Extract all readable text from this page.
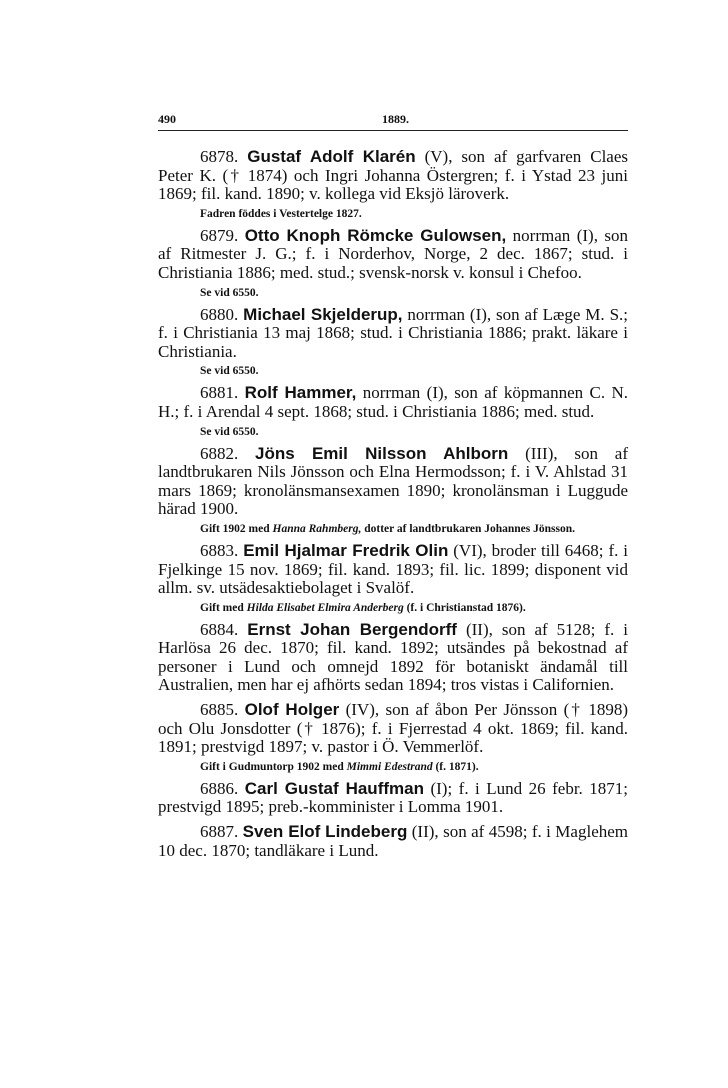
490	1889.

6878. Gustaf Adolf Klarén (V), son af garfvaren Claes Peter K. († 1874) och Ingri Johanna Östergren; f. i Ystad 23 juni 1869; fil. kand. 1890; v. kollega vid Eksjö läroverk.

Fadren föddes i Vestertelge 1827.

6879. Otto Knoph Römcke Gulowsen, norrman (I), son af Ritmester J. G.; f. i Norderhov, Norge, 2 dec. 1867; stud. i Christiania 1886; med. stud.; svensk-norsk v. konsul i Chefoo.

Se vid 6550.

6880. Michael Skjelderup, norrman (I), son af Læge M. S.; f. i Christiania 13 maj 1868; stud. i Christiania 1886; prakt. läkare i Christiania.

Se vid 6550.

6881. Rolf Hammer, norrman (I), son af köpmannen C. N. H.; f. i Arendal 4 sept. 1868; stud. i Christiania 1886; med. stud.

Se vid 6550.

6882. Jöns Emil Nilsson Ahlborn (III), son af landtbrukaren Nils Jönsson och Elna Hermodsson; f. i V. Ahlstad 31 mars 1869; kronolänsmansexamen 1890; kronolänsman i Luggude härad 1900.

Gift 1902 med Hanna Rahmberg, dotter af landtbrukaren Johannes Jönsson.

6883. Emil Hjalmar Fredrik Olin (VI), broder till 6468; f. i Fjelkinge 15 nov. 1869; fil. kand. 1893; fil. lic. 1899; disponent vid allm. sv. utsädesaktiebolaget i Svalöf.

Gift med Hilda Elisabet Elmira Anderberg (f. i Christianstad 1876).

6884. Ernst Johan Bergendorff (II), son af 5128; f. i Harlösa 26 dec. 1870; fil. kand. 1892; utsändes på bekostnad af personer i Lund och omnejd 1892 för botaniskt ändamål till Australien, men har ej afhörts sedan 1894; tros vistas i Californien.

6885. Olof Holger (IV), son af åbon Per Jönsson († 1898) och Olu Jonsdotter († 1876); f. i Fjerrestad 4 okt. 1869; fil. kand. 1891; prestvigd 1897; v. pastor i Ö. Vemmerlöf.

Gift i Gudmuntorp 1902 med Mimmi Edestrand (f. 1871).

6886. Carl Gustaf Hauffman (I); f. i Lund 26 febr. 1871; prestvigd 1895; preb.-komminister i Lomma 1901.

6887. Sven Elof Lindeberg (II), son af 4598; f. i Maglehem 10 dec. 1870; tandläkare i Lund.
